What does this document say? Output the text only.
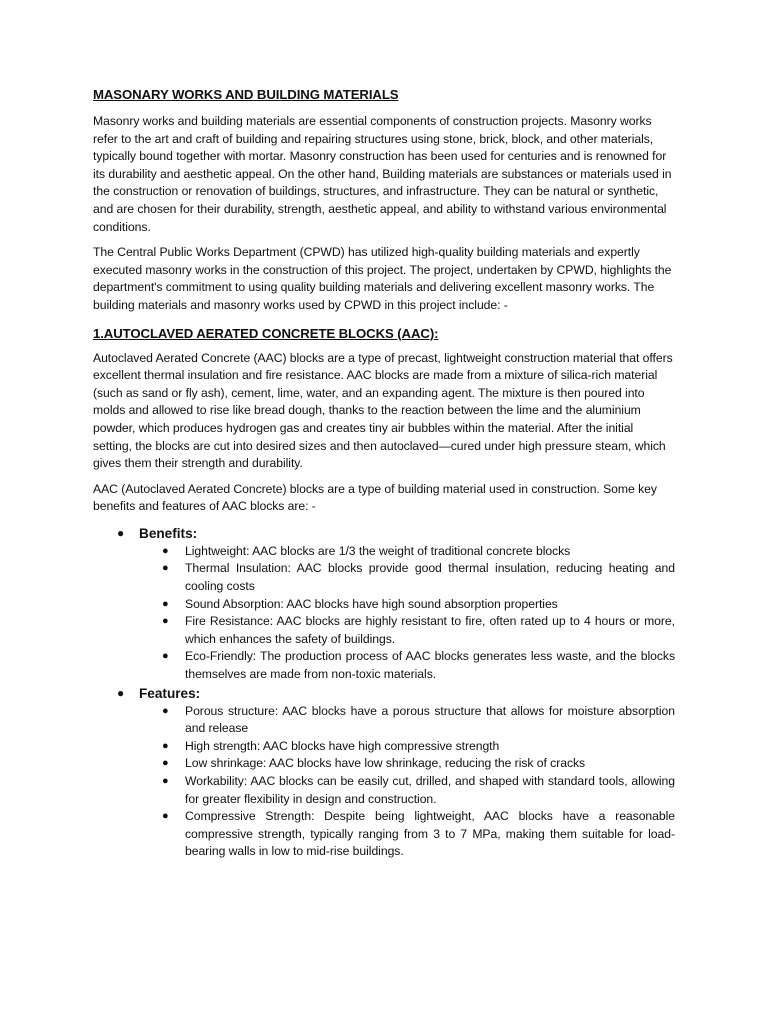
MASONARY WORKS AND BUILDING MATERIALS

Masonry works and building materials are essential components of construction projects. Masonry works refer to the art and craft of building and repairing structures using stone, brick, block, and other materials, typically bound together with mortar. Masonry construction has been used for centuries and is renowned for its durability and aesthetic appeal. On the other hand, Building materials are substances or materials used in the construction or renovation of buildings, structures, and infrastructure. They can be natural or synthetic, and are chosen for their durability, strength, aesthetic appeal, and ability to withstand various environmental conditions.

The Central Public Works Department (CPWD) has utilized high-quality building materials and expertly executed masonry works in the construction of this project. The project, undertaken by CPWD, highlights the department's commitment to using quality building materials and delivering excellent masonry works. The building materials and masonry works used by CPWD in this project include: -

1.AUTOCLAVED AERATED CONCRETE BLOCKS (AAC):

Autoclaved Aerated Concrete (AAC) blocks are a type of precast, lightweight construction material that offers excellent thermal insulation and fire resistance. AAC blocks are made from a mixture of silica-rich material (such as sand or fly ash), cement, lime, water, and an expanding agent. The mixture is then poured into molds and allowed to rise like bread dough, thanks to the reaction between the lime and the aluminium powder, which produces hydrogen gas and creates tiny air bubbles within the material. After the initial setting, the blocks are cut into desired sizes and then autoclaved—cured under high pressure steam, which gives them their strength and durability.

AAC (Autoclaved Aerated Concrete) blocks are a type of building material used in construction. Some key benefits and features of AAC blocks are: -

● Benefits:
● Lightweight: AAC blocks are 1/3 the weight of traditional concrete blocks
● Thermal Insulation: AAC blocks provide good thermal insulation, reducing heating and cooling costs
● Sound Absorption: AAC blocks have high sound absorption properties
● Fire Resistance: AAC blocks are highly resistant to fire, often rated up to 4 hours or more, which enhances the safety of buildings.
● Eco-Friendly: The production process of AAC blocks generates less waste, and the blocks themselves are made from non-toxic materials.
● Features:
● Porous structure: AAC blocks have a porous structure that allows for moisture absorption and release
● High strength: AAC blocks have high compressive strength
● Low shrinkage: AAC blocks have low shrinkage, reducing the risk of cracks
● Workability: AAC blocks can be easily cut, drilled, and shaped with standard tools, allowing for greater flexibility in design and construction.
● Compressive Strength: Despite being lightweight, AAC blocks have a reasonable compressive strength, typically ranging from 3 to 7 MPa, making them suitable for load-bearing walls in low to mid-rise buildings.
